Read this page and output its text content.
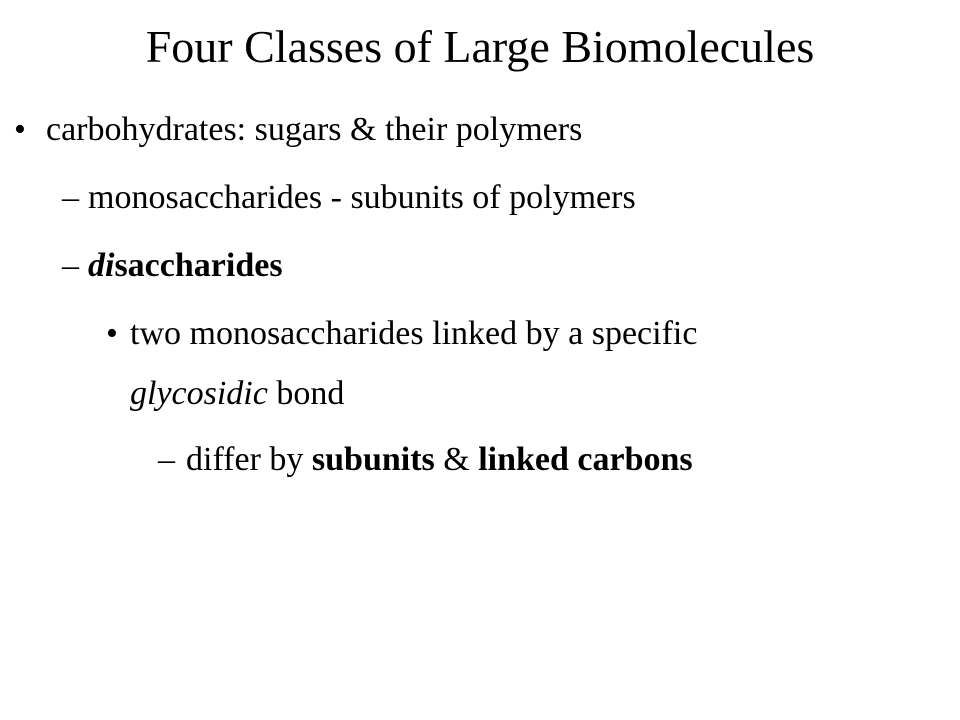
Four Classes of Large Biomolecules
• carbohydrates: sugars & their polymers
– monosaccharides - subunits of polymers
– disaccharides
• two monosaccharides linked by a specific
glycosidic bond
– differ by subunits & linked carbons
